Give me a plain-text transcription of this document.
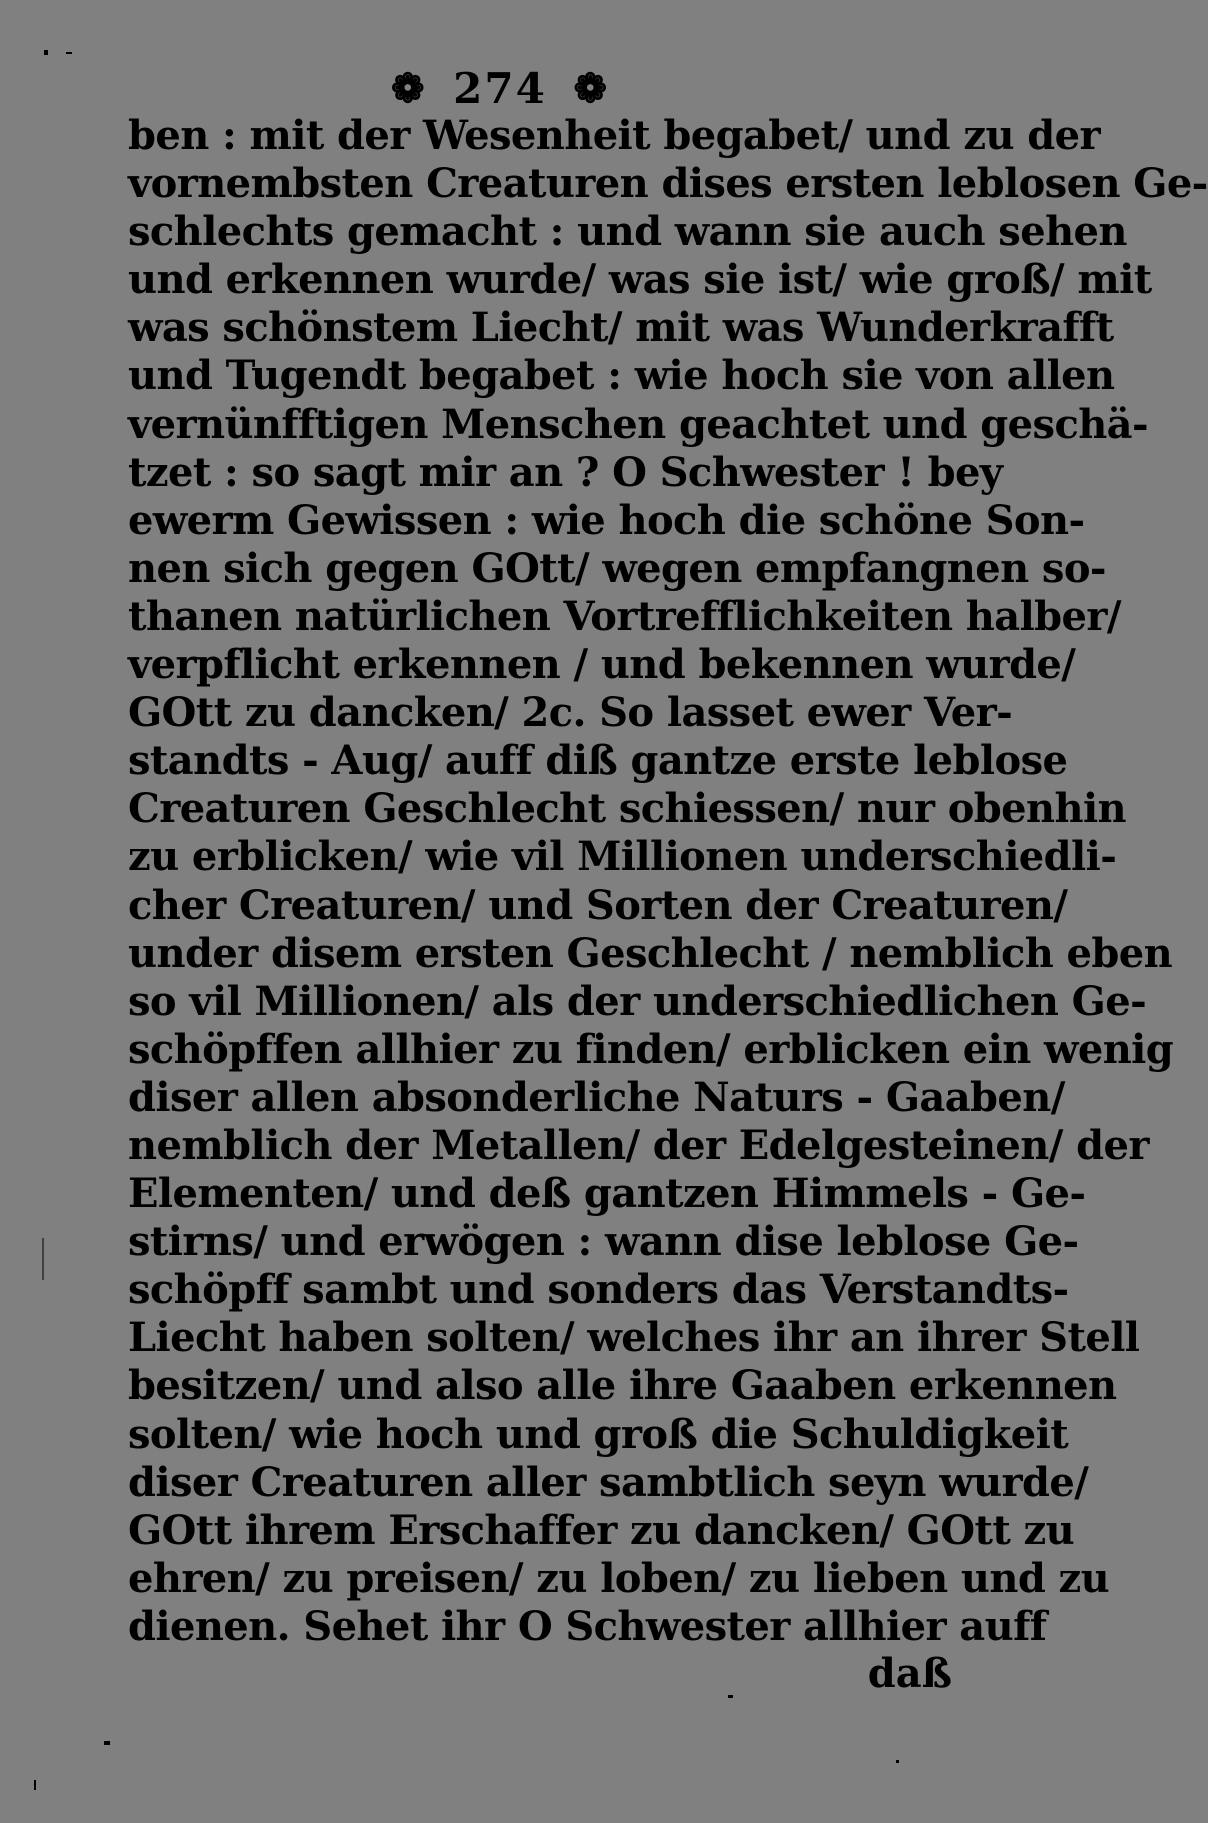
❁ 274 ❁
ben : mit der Wesenheit begabet/ und zu der
vornembsten Creaturen dises ersten leblosen Ge-
schlechts gemacht : und wann sie auch sehen
und erkennen wurde/ was sie ist/ wie groß/ mit
was schönstem Liecht/ mit was Wunderkrafft
und Tugendt begabet : wie hoch sie von allen
vernünfftigen Menschen geachtet und geschä-
tzet : so sagt mir an ? O Schwester ! bey
ewerm Gewissen : wie hoch die schöne Son-
nen sich gegen GOtt/ wegen empfangnen so-
thanen natürlichen Vortrefflichkeiten halber/
verpflicht erkennen / und bekennen wurde/
GOtt zu dancken/ 2c. So lasset ewer Ver-
standts - Aug/ auff diß gantze erste leblose
Creaturen Geschlecht schiessen/ nur obenhin
zu erblicken/ wie vil Millionen underschiedli-
cher Creaturen/ und Sorten der Creaturen/
under disem ersten Geschlecht / nemblich eben
so vil Millionen/ als der underschiedlichen Ge-
schöpffen allhier zu finden/ erblicken ein wenig
diser allen absonderliche Naturs - Gaaben/
nemblich der Metallen/ der Edelgesteinen/ der
Elementen/ und deß gantzen Himmels - Ge-
stirns/ und erwögen : wann dise leblose Ge-
schöpff sambt und sonders das Verstandts-
Liecht haben solten/ welches ihr an ihrer Stell
besitzen/ und also alle ihre Gaaben erkennen
solten/ wie hoch und groß die Schuldigkeit
diser Creaturen aller sambtlich seyn wurde/
GOtt ihrem Erschaffer zu dancken/ GOtt zu
ehren/ zu preisen/ zu loben/ zu lieben und zu
dienen. Sehet ihr O Schwester allhier auff
daß
